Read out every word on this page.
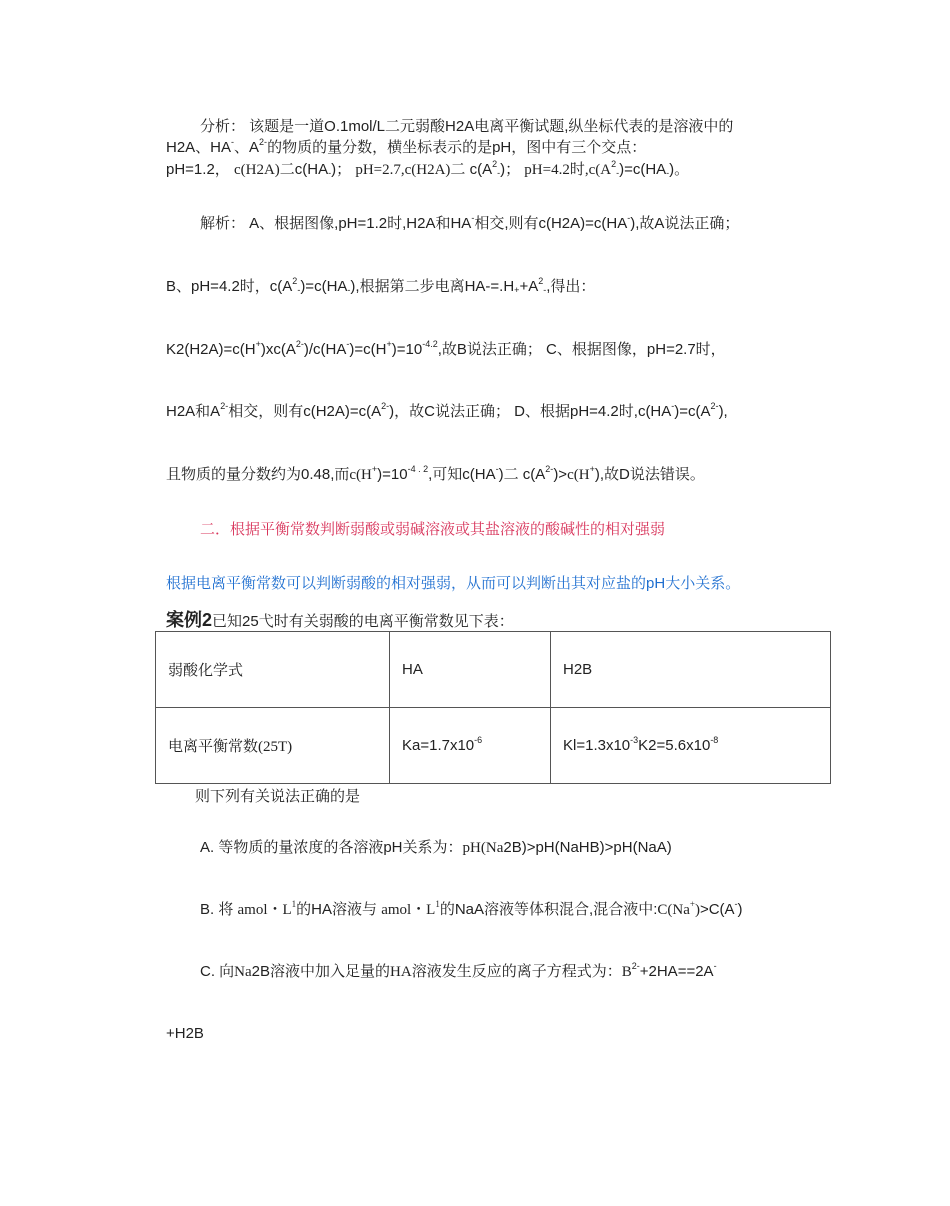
分析： 该题是一道O.1mol/L二元弱酸H2A电离平衡试题,纵坐标代表的是溶液中的
H2A、HA-、$A^{2-}$的物质的量分数，横坐标表示的是pH，图中有三个交点：
pH=1.2， c(H2A)二$c(HA_-)$； pH=2.7,c(H2A)二 $c(A^2_-)$； pH=4.2时$,c(A^2_-)=c(HA_-)$。
解析： A、根据图像,pH=1.2时,H2A和HA-相交,则有c(H2A)=c(HA-),故A说法正确；
B、pH=4.2时，$c(A^2_-)=c(HA_-)$,根据第二步电离$HA-=.H_++A^2_-$,得出：
$K2(H2A)=c(H^+)xc(A^{2-})/c(HA^-)=c(H^+)=10^{-4.2}$,故B说法正确； C、根据图像，pH=2.7时，
H2A和$A^{2-}$相交，则有$c(H2A)=c(A^{2-})$，故C说法正确； D、根据pH=4.2时$,c(HA^-)=c(A^{2-})$,
且物质的量分数约为0.48,而$c(H^+)=10^{-4 . 2}$,可知c(HA-)二 $c(A^{2-})>c(H^+)$,故D说法错误。
二．根据平衡常数判断弱酸或弱碱溶液或其盐溶液的酸碱性的相对强弱
根据电离平衡常数可以判断弱酸的相对强弱，从而可以判断出其对应盐的pH大小关系。
案例2已知25弋时有关弱酸的电离平衡常数见下表：
弱酸化学式	HA	H2B
电离平衡常数(25T)	$Ka=1.7x10^{-6}$	$Kl=1.3x10^{-3}K2=5.6x10^{-8}$
则下列有关说法正确的是
A. 等物质的量浓度的各溶液pH关系为：pH(Na2B)>pH(NaHB)>pH(NaA)
B. 将 amol・$L^1$的HA溶液与 amol・$L^1$的NaA溶液等体积混合,混合液中:C(Na+)>C(A-)
C. 向Na2B溶液中加入足量的HA溶液发生反应的离子方程式为：$B^{2-}+2HA==2A^-$
+H2B
